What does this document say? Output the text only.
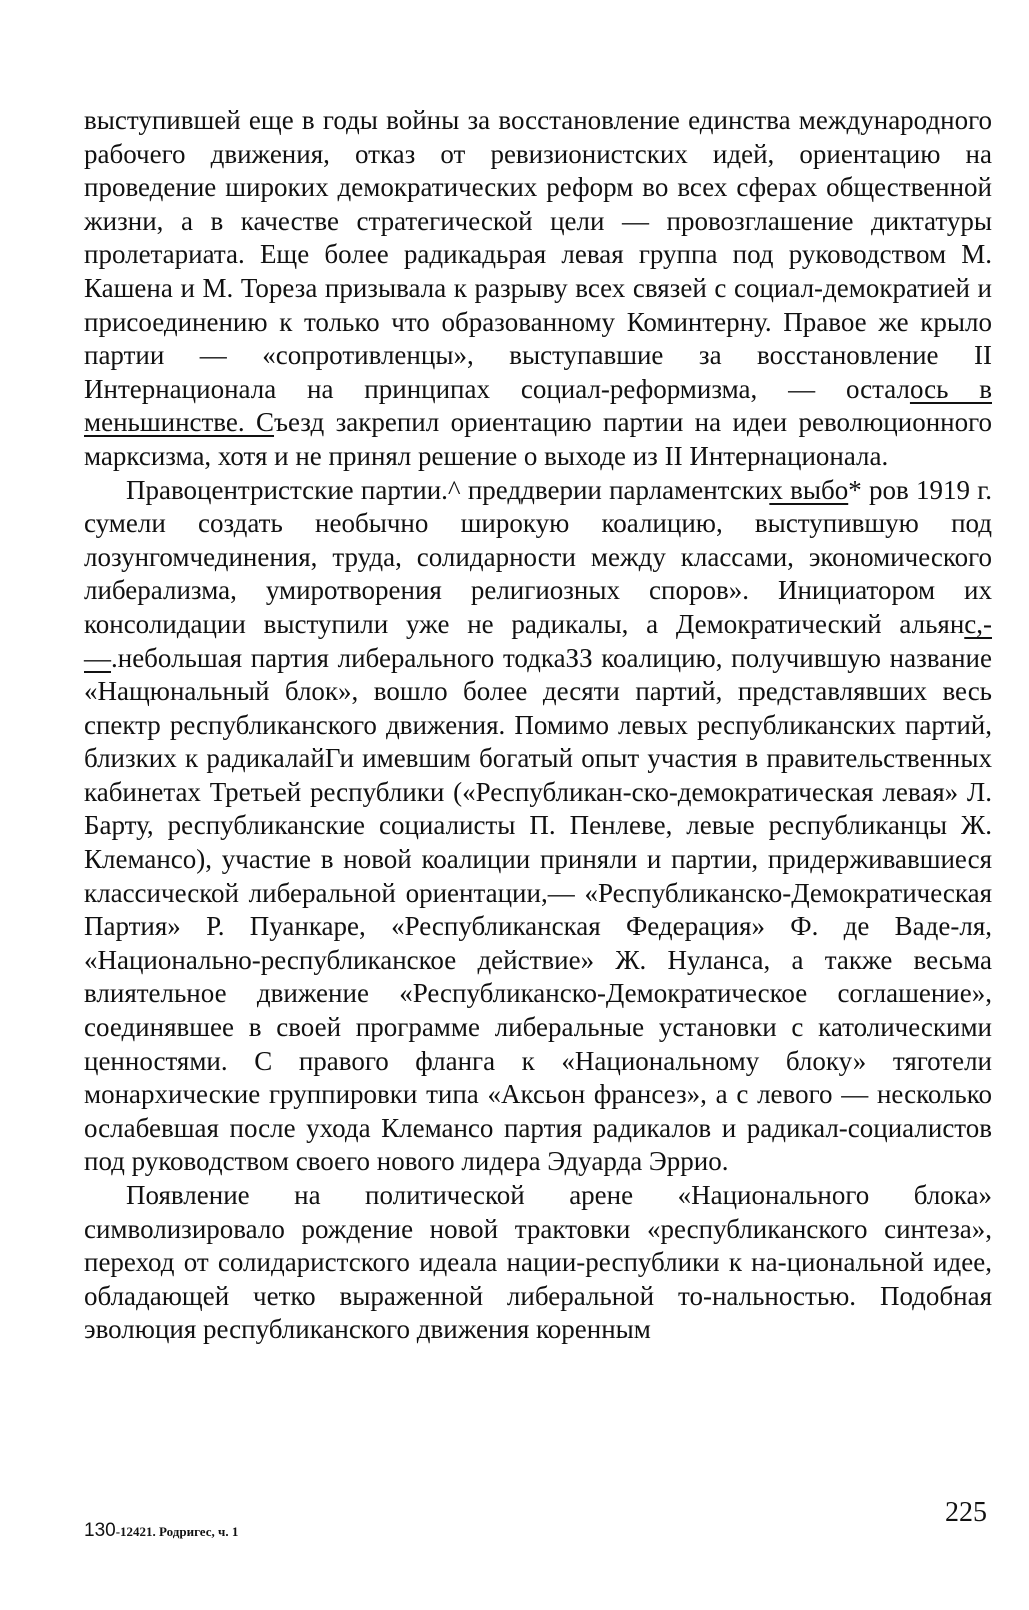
выступившей еще в годы войны за восстановление единства международного рабочего движения, отказ от ревизионистских идей, ориентацию на проведение широких демократических реформ во всех сферах общественной жизни, а в качестве стратегической цели — провозглашение диктатуры пролетариата. Еще более радикадьрая левая группа под руководством М. Кашена и М. Тореза призывала к разрыву всех связей с социал-демократией и присоединению к только что образованному Коминтерну. Правое же крыло партии — «сопротивленцы», выступавшие за восстановление II Интернационала на принципах социал-реформизма, — осталось в меньшинстве. Съезд закрепил ориентацию партии на идеи революционного марксизма, хотя и не принял решение о выходе из II Интернационала.

Правоцентристские партии.^ преддверии парламентских выбо* ров 1919 г. сумели создать необычно широкую коалицию, выступившую под лозунгомчединения, труда, солидарности между классами, экономического либерализма, умиротворения религиозных споров». Инициатором их консолидации выступили уже не радикалы, а Демократический альянс,-—.небольшая партия либерального тодкаЗЗ коалицию, получившую название «Нащюнальный блок», вошло более десяти партий, представлявших весь спектр республиканского движения. Помимо левых республиканских партий, близких к радикалайГи имевшим богатый опыт участия в правительственных кабинетах Третьей республики («Республикан-ско-демократическая левая» Л. Барту, республиканские социалисты П. Пенлеве, левые республиканцы Ж. Клемансо), участие в новой коалиции приняли и партии, придерживавшиеся классической либеральной ориентации,— «Республиканско-Демократическая Партия» Р. Пуанкаре, «Республиканская Федерация» Ф. де Ваде-ля, «Национально-республиканское действие» Ж. Нуланса, а также весьма влиятельное движение «Республиканско-Демократическое соглашение», соединявшее в своей программе либеральные установки с католическими ценностями. С правого фланга к «Национальному блоку» тяготели монархические группировки типа «Аксьон франсез», а с левого — несколько ослабевшая после ухода Клемансо партия радикалов и радикал-социалистов под руководством своего нового лидера Эдуарда Эррио.

Появление на политической арене «Национального блока» символизировало рождение новой трактовки «республиканского синтеза», переход от солидаристского идеала нации-республики к на-циональной идее, обладающей четко выраженной либеральной то-нальностью. Подобная эволюция республиканского движения коренным

130-12421. Родригес, ч. 1
225
